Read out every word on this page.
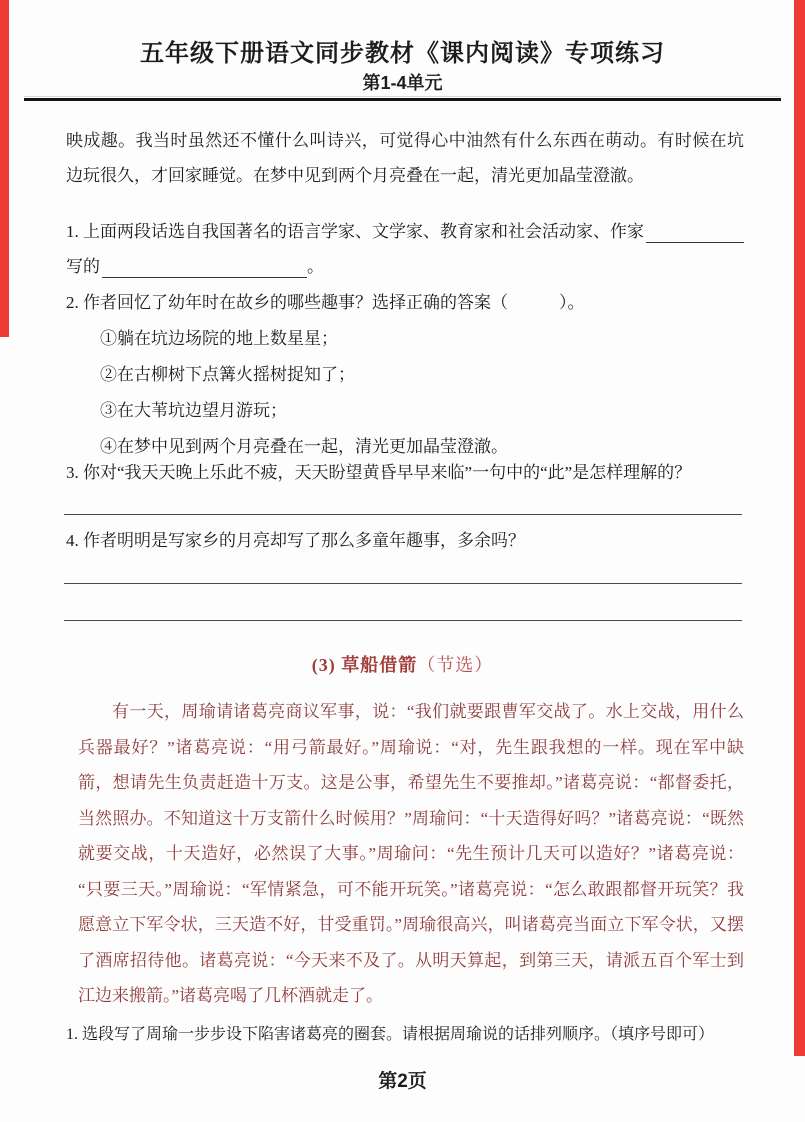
五年级下册语文同步教材《课内阅读》专项练习
第1-4单元
映成趣。我当时虽然还不懂什么叫诗兴，可觉得心中油然有什么东西在萌动。有时候在坑边玩很久，才回家睡觉。在梦中见到两个月亮叠在一起，清光更加晶莹澄澈。
1. 上面两段话选自我国著名的语言学家、文学家、教育家和社会活动家、作家
写的	。
2. 作者回忆了幼年时在故乡的哪些趣事？选择正确的答案（　　　）。
①躺在坑边场院的地上数星星；
②在古柳树下点篝火摇树捉知了；
③在大苇坑边望月游玩；
④在梦中见到两个月亮叠在一起，清光更加晶莹澄澈。
3. 你对“我天天晚上乐此不疲，天天盼望黄昏早早来临”一句中的“此”是怎样理解的？
4. 作者明明是写家乡的月亮却写了那么多童年趣事，多余吗？
(3) 草船借箭（节选）
有一天，周瑜请诸葛亮商议军事，说：“我们就要跟曹军交战了。水上交战，用什么兵器最好？”诸葛亮说：“用弓箭最好。”周瑜说：“对，先生跟我想的一样。现在军中缺箭，想请先生负责赶造十万支。这是公事，希望先生不要推却。”诸葛亮说：“都督委托，当然照办。不知道这十万支箭什么时候用？”周瑜问：“十天造得好吗？”诸葛亮说：“既然就要交战，十天造好，必然误了大事。”周瑜问：“先生预计几天可以造好？”诸葛亮说：“只要三天。”周瑜说：“军情紧急，可不能开玩笑。”诸葛亮说：“怎么敢跟都督开玩笑？我愿意立下军令状，三天造不好，甘受重罚。”周瑜很高兴，叫诸葛亮当面立下军令状，又摆了酒席招待他。诸葛亮说：“今天来不及了。从明天算起，到第三天，请派五百个军士到江边来搬箭。”诸葛亮喝了几杯酒就走了。
1. 选段写了周瑜一步步设下陷害诸葛亮的圈套。请根据周瑜说的话排列顺序。（填序号即可）
第2页
